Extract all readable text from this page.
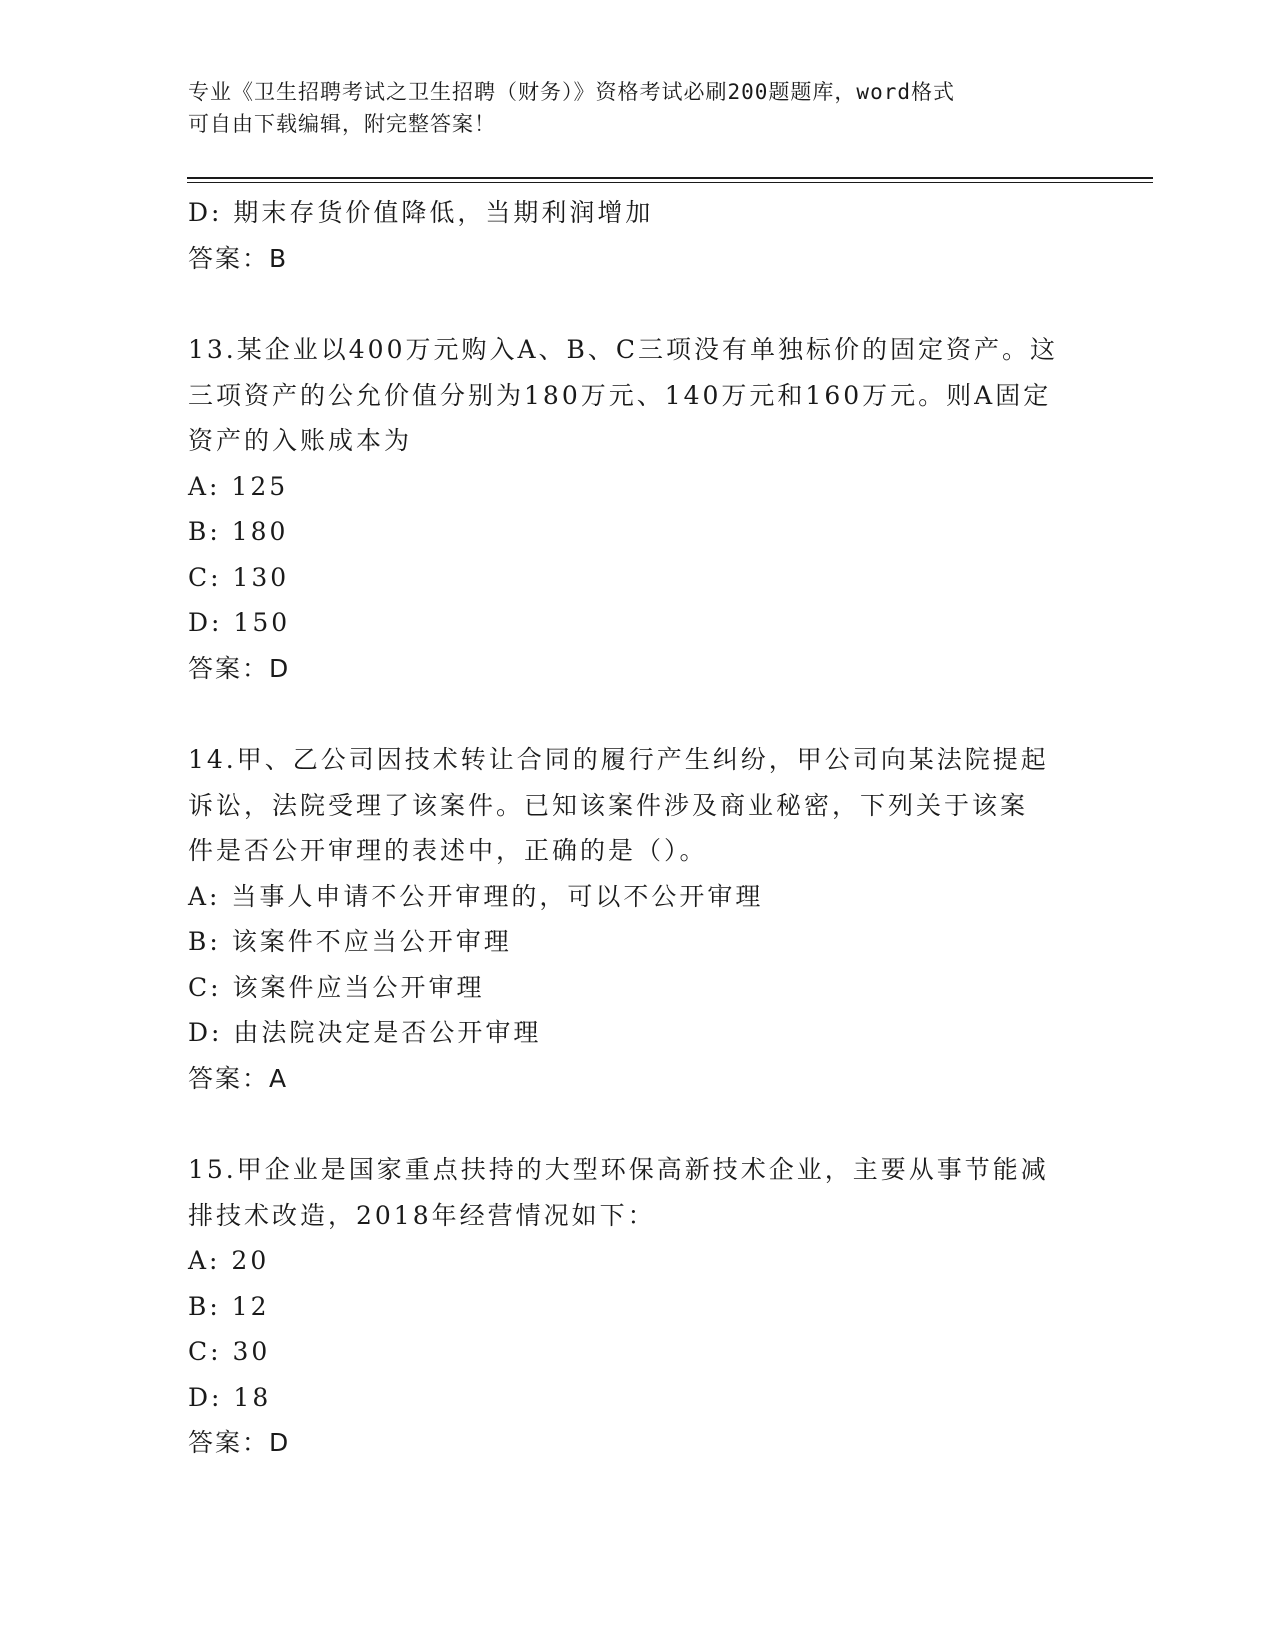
专业《卫生招聘考试之卫生招聘（财务）》资格考试必刷200题题库，word格式
可自由下载编辑，附完整答案！
D: 期末存货价值降低，当期利润增加
答案：B
13.某企业以400万元购入A、B、C三项没有单独标价的固定资产。这
三项资产的公允价值分别为180万元、140万元和160万元。则A固定
资产的入账成本为
A: 125
B: 180
C: 130
D: 150
答案：D
14.甲、乙公司因技术转让合同的履行产生纠纷，甲公司向某法院提起
诉讼，法院受理了该案件。已知该案件涉及商业秘密，下列关于该案
件是否公开审理的表述中，正确的是（）。
A: 当事人申请不公开审理的，可以不公开审理
B: 该案件不应当公开审理
C: 该案件应当公开审理
D: 由法院决定是否公开审理
答案：A
15.甲企业是国家重点扶持的大型环保高新技术企业，主要从事节能减
排技术改造，2018年经营情况如下：
A: 20
B: 12
C: 30
D: 18
答案：D
